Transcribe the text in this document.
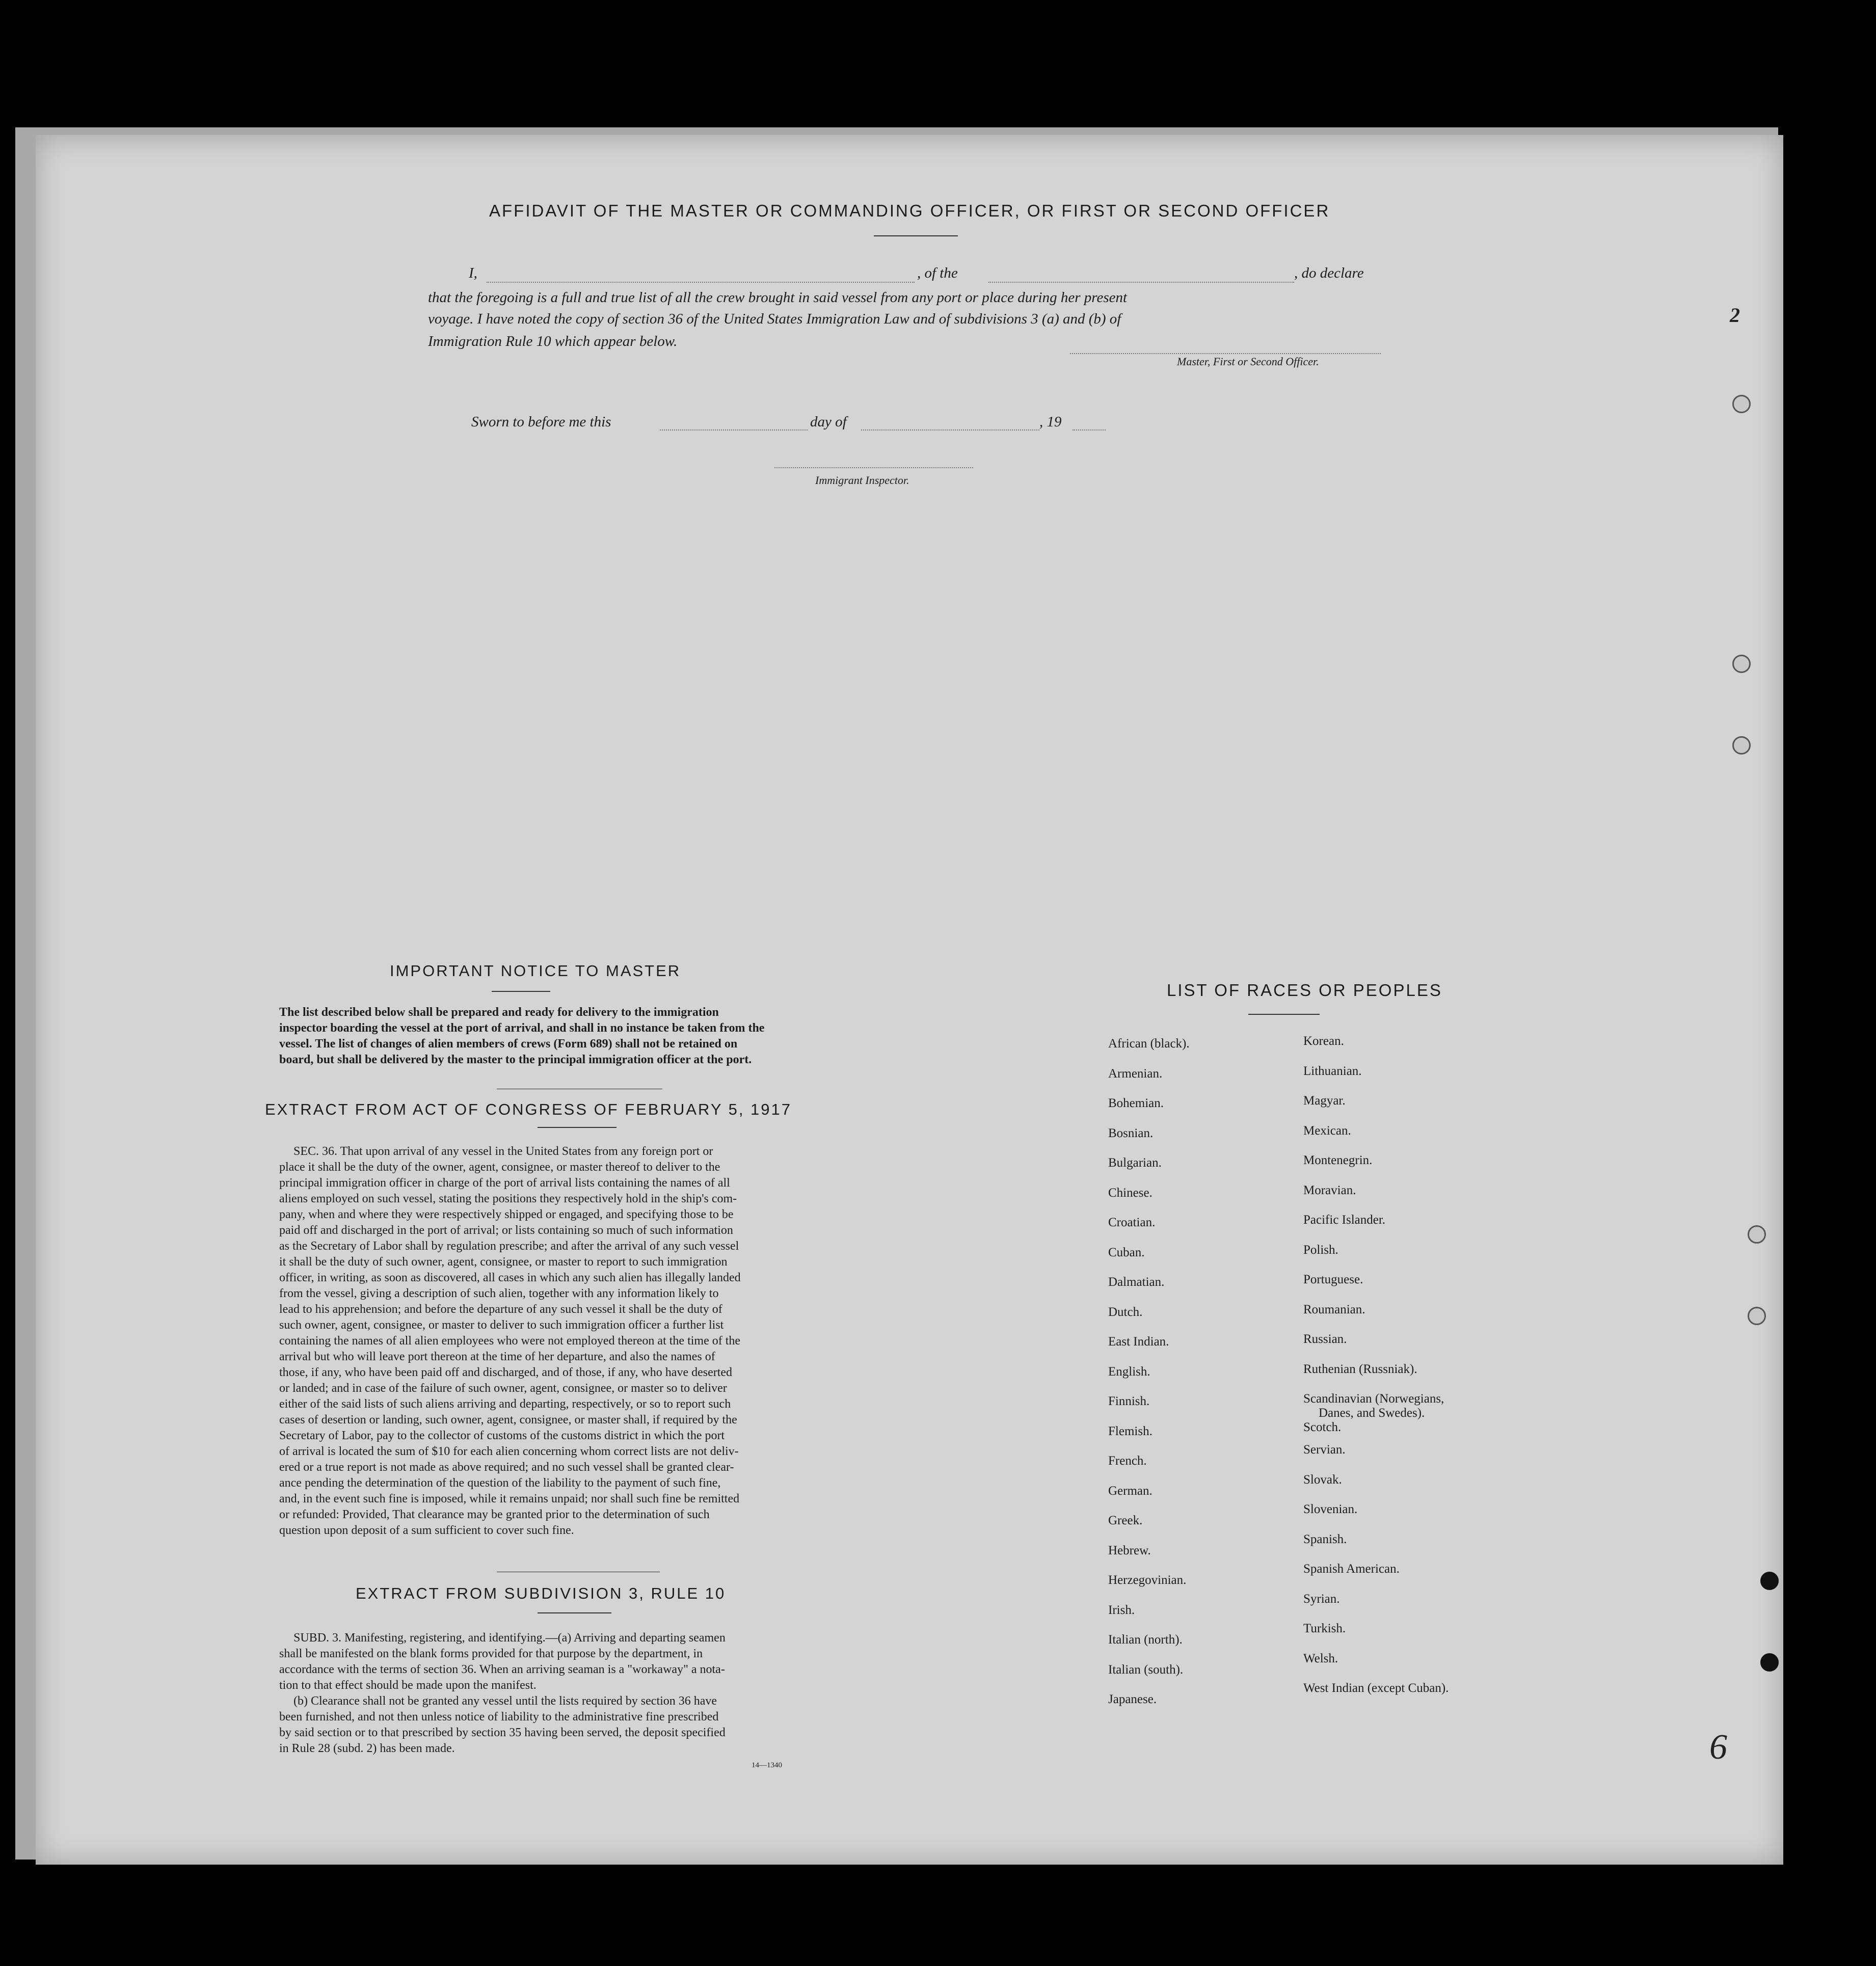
2
6
AFFIDAVIT OF THE MASTER OR COMMANDING OFFICER, OR FIRST OR SECOND OFFICER
I,	, of the	, do declare
that the foregoing is a full and true list of all the crew brought in said vessel from any port or place during her present
voyage. I have noted the copy of section 36 of the United States Immigration Law and of subdivisions 3 (a) and (b) of
Immigration Rule 10 which appear below.
Master, First or Second Officer.
Sworn to before me this	day of	, 19
Immigrant Inspector.
IMPORTANT NOTICE TO MASTER
The list described below shall be prepared and ready for delivery to the immigration
inspector boarding the vessel at the port of arrival, and shall in no instance be taken from the
vessel. The list of changes of alien members of crews (Form 689) shall not be retained on
board, but shall be delivered by the master to the principal immigration officer at the port.
EXTRACT FROM ACT OF CONGRESS OF FEBRUARY 5, 1917
SEC. 36. That upon arrival of any vessel in the United States from any foreign port or
place it shall be the duty of the owner, agent, consignee, or master thereof to deliver to the
principal immigration officer in charge of the port of arrival lists containing the names of all
aliens employed on such vessel, stating the positions they respectively hold in the ship's com-
pany, when and where they were respectively shipped or engaged, and specifying those to be
paid off and discharged in the port of arrival; or lists containing so much of such information
as the Secretary of Labor shall by regulation prescribe; and after the arrival of any such vessel
it shall be the duty of such owner, agent, consignee, or master to report to such immigration
officer, in writing, as soon as discovered, all cases in which any such alien has illegally landed
from the vessel, giving a description of such alien, together with any information likely to
lead to his apprehension; and before the departure of any such vessel it shall be the duty of
such owner, agent, consignee, or master to deliver to such immigration officer a further list
containing the names of all alien employees who were not employed thereon at the time of the
arrival but who will leave port thereon at the time of her departure, and also the names of
those, if any, who have been paid off and discharged, and of those, if any, who have deserted
or landed; and in case of the failure of such owner, agent, consignee, or master so to deliver
either of the said lists of such aliens arriving and departing, respectively, or so to report such
cases of desertion or landing, such owner, agent, consignee, or master shall, if required by the
Secretary of Labor, pay to the collector of customs of the customs district in which the port
of arrival is located the sum of $10 for each alien concerning whom correct lists are not deliv-
ered or a true report is not made as above required; and no such vessel shall be granted clear-
ance pending the determination of the question of the liability to the payment of such fine,
and, in the event such fine is imposed, while it remains unpaid; nor shall such fine be remitted
or refunded: Provided, That clearance may be granted prior to the determination of such
question upon deposit of a sum sufficient to cover such fine.
EXTRACT FROM SUBDIVISION 3, RULE 10
SUBD. 3. Manifesting, registering, and identifying.—(a) Arriving and departing seamen
shall be manifested on the blank forms provided for that purpose by the department, in
accordance with the terms of section 36. When an arriving seaman is a "workaway" a nota-
tion to that effect should be made upon the manifest.
(b) Clearance shall not be granted any vessel until the lists required by section 36 have
been furnished, and not then unless notice of liability to the administrative fine prescribed
by said section or to that prescribed by section 35 having been served, the deposit specified
in Rule 28 (subd. 2) has been made.
14—1340
LIST OF RACES OR PEOPLES
African (black).
Armenian.
Bohemian.
Bosnian.
Bulgarian.
Chinese.
Croatian.
Cuban.
Dalmatian.
Dutch.
East Indian.
English.
Finnish.
Flemish.
French.
German.
Greek.
Hebrew.
Herzegovinian.
Irish.
Italian (north).
Italian (south).
Japanese.
Korean.
Lithuanian.
Magyar.
Mexican.
Montenegrin.
Moravian.
Pacific Islander.
Polish.
Portuguese.
Roumanian.
Russian.
Ruthenian (Russniak).
Scandinavian (Norwegians,
Danes, and Swedes).
Scotch.
Servian.
Slovak.
Slovenian.
Spanish.
Spanish American.
Syrian.
Turkish.
Welsh.
West Indian (except Cuban).
